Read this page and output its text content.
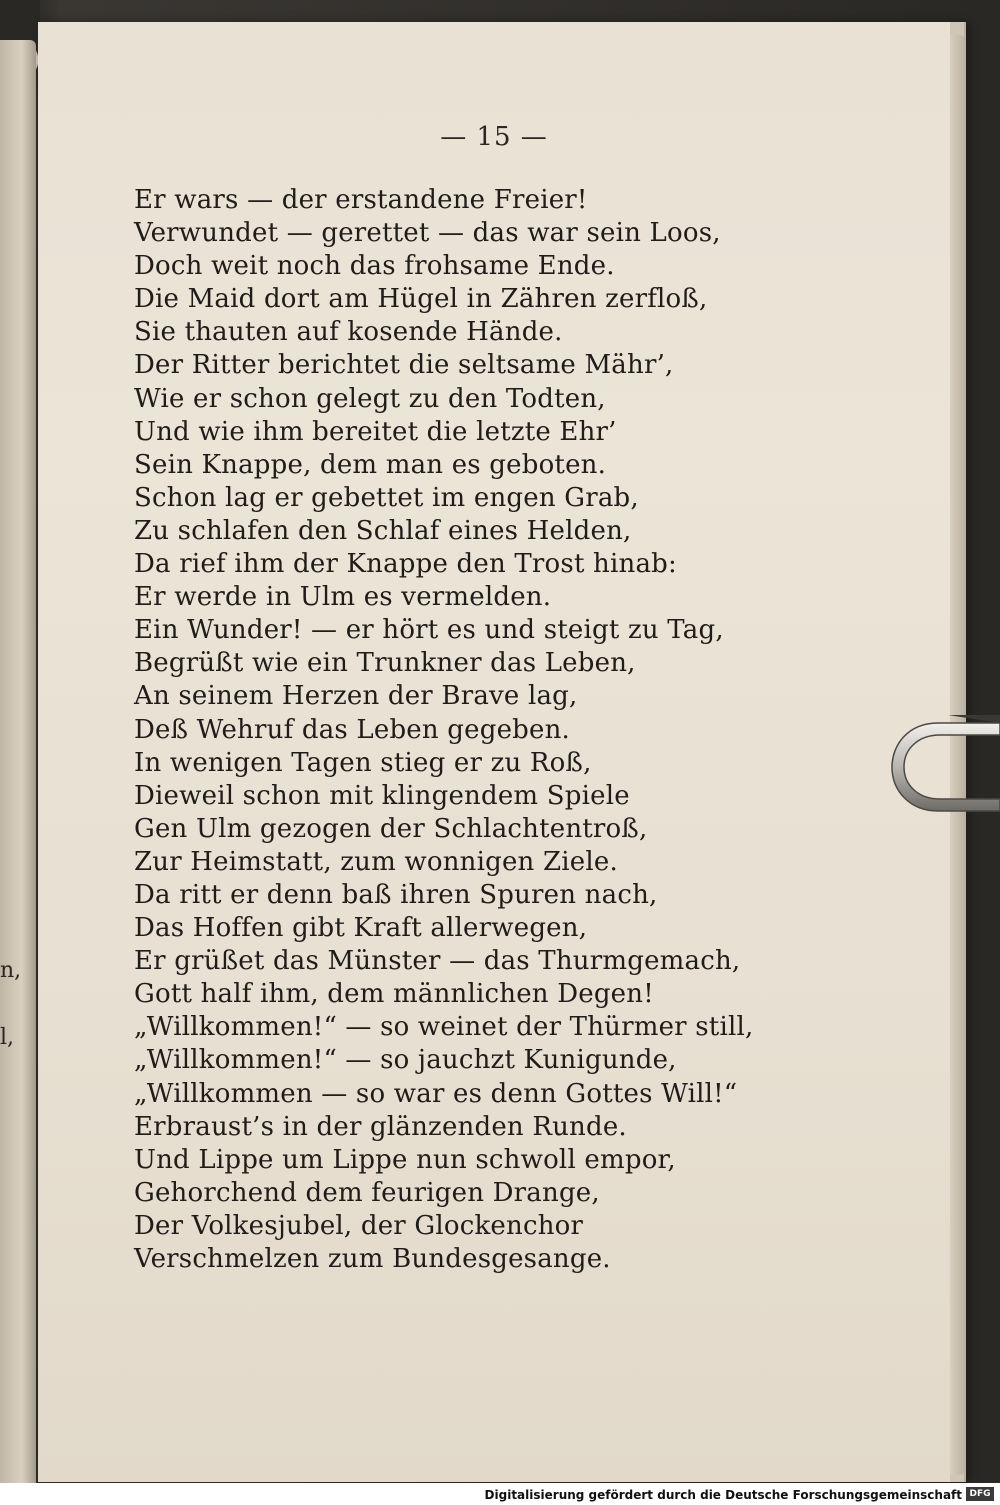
n,
l,
— 15 —
Er wars — der erstandene Freier!
Verwundet — gerettet — das war sein Loos,
Doch weit noch das frohsame Ende.
Die Maid dort am Hügel in Zähren zerfloß,
Sie thauten auf kosende Hände.
Der Ritter berichtet die seltsame Mähr’,
Wie er schon gelegt zu den Todten,
Und wie ihm bereitet die letzte Ehr’
Sein Knappe, dem man es geboten.
Schon lag er gebettet im engen Grab,
Zu schlafen den Schlaf eines Helden,
Da rief ihm der Knappe den Trost hinab:
Er werde in Ulm es vermelden.
Ein Wunder! — er hört es und steigt zu Tag,
Begrüßt wie ein Trunkner das Leben,
An seinem Herzen der Brave lag,
Deß Wehruf das Leben gegeben.
In wenigen Tagen stieg er zu Roß,
Dieweil schon mit klingendem Spiele
Gen Ulm gezogen der Schlachtentroß,
Zur Heimstatt, zum wonnigen Ziele.
Da ritt er denn baß ihren Spuren nach,
Das Hoffen gibt Kraft allerwegen,
Er grüßet das Münster — das Thurmgemach,
Gott half ihm, dem männlichen Degen!
„Willkommen!“ — so weinet der Thürmer still,
„Willkommen!“ — so jauchzt Kunigunde,
„Willkommen — so war es denn Gottes Will!“
Erbraust’s in der glänzenden Runde.
Und Lippe um Lippe nun schwoll empor,
Gehorchend dem feurigen Drange,
Der Volkesjubel, der Glockenchor
Verschmelzen zum Bundesgesange.
Digitalisierung gefördert durch die Deutsche Forschungsgemeinschaft DFG
